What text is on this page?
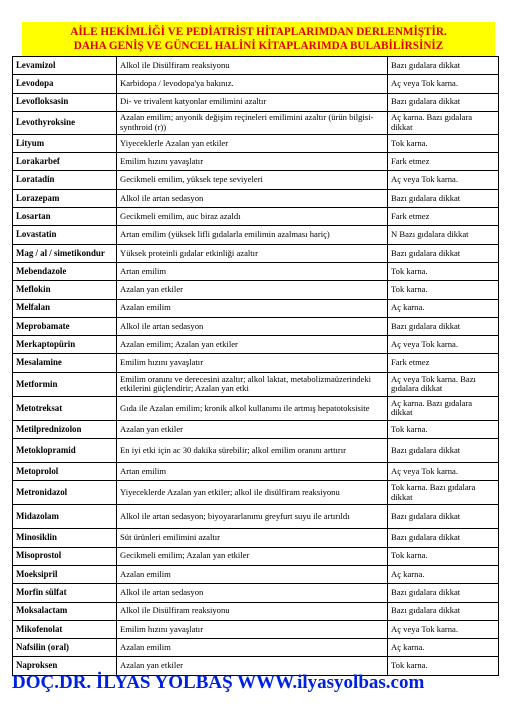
AİLE HEKİMLİĞİ VE PEDİATRİST HİTAPLARIMDAN DERLENMİŞTİR.
DAHA GENİŞ VE GÜNCEL HALİNİ KİTAPLARIMDA BULABİLİRSİNİZ
Levamizol	Alkol ile Disülfiram reaksiyonu	Bazı gıdalara dikkat
Levodopa	Karbidopa / levodopa'ya bakınız.	Aç veya Tok karna.
Levofloksasin	Di- ve trivalent katyonlar emilimini azaltır	Bazı gıdalara dikkat
Levothyroksine	Azalan emilim; anyonik değişim reçineleri emilimini azaltır (ürün bilgisi-synthroid (r))	Aç karna. Bazı gıdalara dikkat
Lityum	Yiyeceklerle Azalan yan etkiler	Tok karna.
Lorakarbef	Emilim hızını yavaşlatır	Fark etmez
Loratadin	Gecikmeli emilim, yüksek tepe seviyeleri	Aç veya Tok karna.
Lorazepam	Alkol ile artan sedasyon	Bazı gıdalara dikkat
Losartan	Gecikmeli emilim, auc biraz azaldı	Fark etmez
Lovastatin	Artan emilim (yüksek lifli gıdalarla emilimin azalması hariç)	N Bazı gıdalara dikkat
Mag / al / simetikondur	Yüksek proteinli gıdalar etkinliği azaltır	Bazı gıdalara dikkat
Mebendazole	Artan emilim	Tok karna.
Meflokin	Azalan yan etkiler	Tok karna.
Melfalan	Azalan emilim	Aç karna.
Meprobamate	Alkol ile artan sedasyon	Bazı gıdalara dikkat
Merkaptopürin	Azalan emilim; Azalan yan etkiler	Aç veya Tok karna.
Mesalamine	Emilim hızını yavaşlatır	Fark etmez
Metformin	Emilim oranını ve derecesini azaltır; alkol laktat, metabolizmaüzerindeki etkilerini güçlendirir; Azalan yan etki	Aç veya Tok karna. Bazı gıdalara dikkat
Metotreksat	Gıda ile Azalan emilim; kronik alkol kullanımı ile artmış hepatotoksisite	Aç karna. Bazı gıdalara dikkat
Metilprednizolon	Azalan yan etkiler	Tok karna.
Metoklopramid	En iyi etki için ac 30 dakika sürebilir; alkol emilim oranını arttırır	Bazı gıdalara dikkat
Metoprolol	Artan emilim	Aç veya Tok karna.
Metronidazol	Yiyeceklerde Azalan yan etkiler; alkol ile disülfiram reaksiyonu	Tok karna. Bazı gıdalara dikkat
Midazolam	Alkol ile artan sedasyon; biyoyararlanımı greyfurt suyu ile artırıldı	Bazı gıdalara dikkat
Minosiklin	Süt ürünleri emilimini azaltır	Bazı gıdalara dikkat
Misoprostol	Gecikmeli emilim; Azalan yan etkiler	Tok karna.
Moeksipril	Azalan emilim	Aç karna.
Morfin sülfat	Alkol ile artan sedasyon	Bazı gıdalara dikkat
Moksalactam	Alkol ile Disülfiram reaksiyonu	Bazı gıdalara dikkat
Mikofenolat	Emilim hızını yavaşlatır	Aç veya Tok karna.
Nafsilin (oral)	Azalan emilim	Aç karna.
Naproksen	Azalan yan etkiler	Tok karna.
DOÇ.DR. İLYAS YOLBAŞ WWW.ilyasyolbas.com
